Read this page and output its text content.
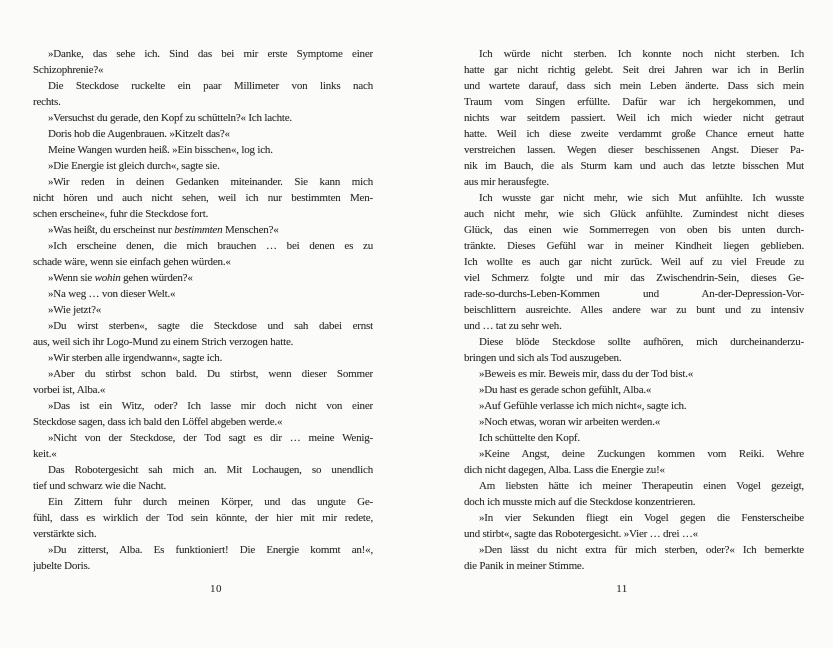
»Danke, das sehe ich. Sind das bei mir erste Symptome einer
Schizophrenie?«
Die Steckdose ruckelte ein paar Millimeter von links nach
rechts.
»Versuchst du gerade, den Kopf zu schütteln?« Ich lachte.
Doris hob die Augenbrauen. »Kitzelt das?«
Meine Wangen wurden heiß. »Ein bisschen«, log ich.
»Die Energie ist gleich durch«, sagte sie.
»Wir reden in deinen Gedanken miteinander. Sie kann mich
nicht hören und auch nicht sehen, weil ich nur bestimmten Men-
schen erscheine«, fuhr die Steckdose fort.
»Was heißt, du erscheinst nur bestimmten Menschen?«
»Ich erscheine denen, die mich brauchen … bei denen es zu
schade wäre, wenn sie einfach gehen würden.«
»Wenn sie wohin gehen würden?«
»Na weg … von dieser Welt.«
»Wie jetzt?«
»Du wirst sterben«, sagte die Steckdose und sah dabei ernst
aus, weil sich ihr Logo-Mund zu einem Strich verzogen hatte.
»Wir sterben alle irgendwann«, sagte ich.
»Aber du stirbst schon bald. Du stirbst, wenn dieser Sommer
vorbei ist, Alba.«
»Das ist ein Witz, oder? Ich lasse mir doch nicht von einer
Steckdose sagen, dass ich bald den Löffel abgeben werde.«
»Nicht von der Steckdose, der Tod sagt es dir … meine Wenig-
keit.«
Das Robotergesicht sah mich an. Mit Lochaugen, so unendlich
tief und schwarz wie die Nacht.
Ein Zittern fuhr durch meinen Körper, und das ungute Ge-
fühl, dass es wirklich der Tod sein könnte, der hier mit mir redete,
verstärkte sich.
»Du zitterst, Alba. Es funktioniert! Die Energie kommt an!«,
jubelte Doris.
10
Ich würde nicht sterben. Ich konnte noch nicht sterben. Ich
hatte gar nicht richtig gelebt. Seit drei Jahren war ich in Berlin
und wartete darauf, dass sich mein Leben änderte. Dass sich mein
Traum vom Singen erfüllte. Dafür war ich hergekommen, und
nichts war seitdem passiert. Weil ich mich wieder nicht getraut
hatte. Weil ich diese zweite verdammt große Chance erneut hatte
verstreichen lassen. Wegen dieser beschissenen Angst. Dieser Pa-
nik im Bauch, die als Sturm kam und auch das letzte bisschen Mut
aus mir herausfegte.
Ich wusste gar nicht mehr, wie sich Mut anfühlte. Ich wusste
auch nicht mehr, wie sich Glück anfühlte. Zumindest nicht dieses
Glück, das einen wie Sommerregen von oben bis unten durch-
tränkte. Dieses Gefühl war in meiner Kindheit liegen geblieben.
Ich wollte es auch gar nicht zurück. Weil auf zu viel Freude zu
viel Schmerz folgte und mir das Zwischendrin-Sein, dieses Ge-
rade-so-durchs-Leben-Kommen und An-der-Depression-Vor-
beischlittern ausreichte. Alles andere war zu bunt und zu intensiv
und … tat zu sehr weh.
Diese blöde Steckdose sollte aufhören, mich durcheinanderzu-
bringen und sich als Tod auszugeben.
»Beweis es mir. Beweis mir, dass du der Tod bist.«
»Du hast es gerade schon gefühlt, Alba.«
»Auf Gefühle verlasse ich mich nicht«, sagte ich.
»Noch etwas, woran wir arbeiten werden.«
Ich schüttelte den Kopf.
»Keine Angst, deine Zuckungen kommen vom Reiki. Wehre
dich nicht dagegen, Alba. Lass die Energie zu!«
Am liebsten hätte ich meiner Therapeutin einen Vogel gezeigt,
doch ich musste mich auf die Steckdose konzentrieren.
»In vier Sekunden fliegt ein Vogel gegen die Fensterscheibe
und stirbt«, sagte das Robotergesicht. »Vier … drei …«
»Den lässt du nicht extra für mich sterben, oder?« Ich bemerkte
die Panik in meiner Stimme.
11
